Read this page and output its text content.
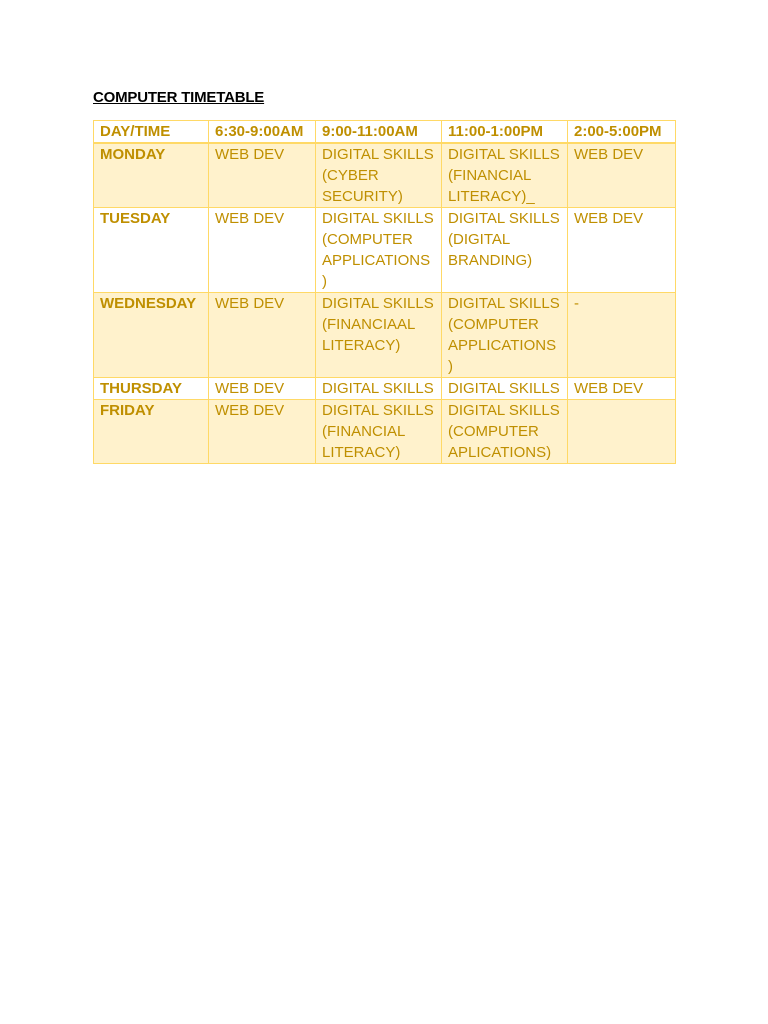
COMPUTER TIMETABLE
DAY/TIME	6:30-9:00AM	9:00-11:00AM	11:00-1:00PM	2:00-5:00PM
MONDAY	WEB DEV	DIGITAL SKILLS (CYBER SECURITY)	DIGITAL SKILLS (FINANCIAL LITERACY)_	WEB DEV
TUESDAY	WEB DEV	DIGITAL SKILLS (COMPUTER APPLICATIONS )	DIGITAL SKILLS (DIGITAL BRANDING)	WEB DEV
WEDNESDAY	WEB DEV	DIGITAL SKILLS (FINANCIAAL LITERACY)	DIGITAL SKILLS (COMPUTER APPLICATIONS)	-
THURSDAY	WEB DEV	DIGITAL SKILLS	DIGITAL SKILLS	WEB DEV
FRIDAY	WEB DEV	DIGITAL SKILLS (FINANCIAL LITERACY)	DIGITAL SKILLS (COMPUTER APLICATIONS)	
